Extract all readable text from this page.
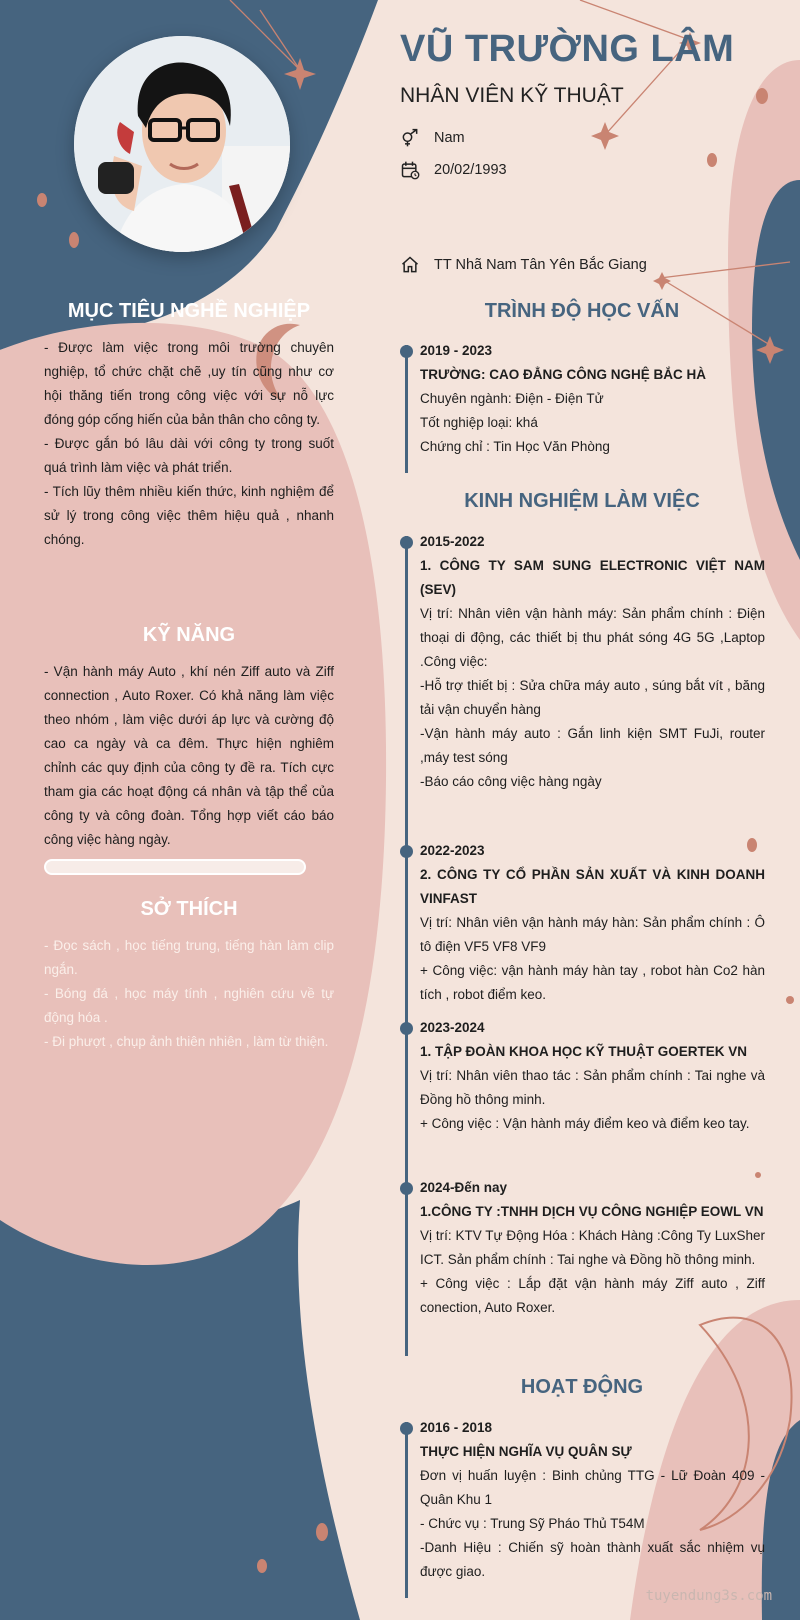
VŨ TRƯỜNG LÂM
NHÂN VIÊN KỸ THUẬT
Nam
20/02/1993
TT Nhã Nam Tân Yên Bắc Giang
MỤC TIÊU NGHỀ NGHIỆP

- Được làm việc trong môi trường chuyên nghiệp, tổ chức chặt chẽ ,uy tín cũng như cơ hội thăng tiến trong công việc với sự nỗ lực đóng góp cống hiến của bản thân cho công ty.

- Được gắn bó lâu dài với công ty trong suốt quá trình làm việc và phát triển.

- Tích lũy thêm nhiều kiến thức, kinh nghiệm để sử lý trong công việc thêm hiệu quả , nhanh chóng.

KỸ NĂNG
- Vận hành máy Auto , khí nén Ziff auto và Ziff connection , Auto Roxer. Có khả năng làm việc theo nhóm , làm việc dưới áp lực và cường độ cao ca ngày và ca đêm. Thực hiện nghiêm chỉnh các quy định của công ty đề ra. Tích cực tham gia các hoạt động cá nhân và tập thể của công ty và công đoàn. Tổng hợp viết cáo báo công việc hàng ngày.
SỞ THÍCH

- Đọc sách , học tiếng trung, tiếng hàn làm clip ngắn.

- Bóng đá , học máy tính , nghiên cứu về tự động hóa .

- Đi phượt , chụp ảnh thiên nhiên , làm từ thiện.

TRÌNH ĐỘ HỌC VẤN

2019 - 2023

TRƯỜNG: CAO ĐẲNG CÔNG NGHỆ BẮC HÀ

Chuyên ngành: Điện - Điện Tử

Tốt nghiệp loại: khá

Chứng chỉ : Tin Học Văn Phòng

KINH NGHIỆM LÀM VIỆC

2015-2022

1. CÔNG TY SAM SUNG ELECTRONIC VIỆT NAM (SEV)

Vị trí: Nhân viên vận hành máy: Sản phẩm chính : Điện thoại di động, các thiết bị thu phát sóng 4G 5G ,Laptop .Công việc:

-Hỗ trợ thiết bị : Sửa chữa máy auto , súng bắt vít , băng tải vận chuyển hàng

-Vận hành máy auto : Gắn linh kiện SMT FuJi, router ,máy test sóng

-Báo cáo công việc hàng ngày

2022-2023

2. CÔNG TY CỔ PHẦN SẢN XUẤT VÀ KINH DOANH VINFAST

Vị trí: Nhân viên vận hành máy hàn: Sản phẩm chính : Ô tô điện VF5 VF8 VF9

+ Công việc: vận hành máy hàn tay , robot hàn Co2 hàn tích , robot điểm keo.

2023-2024

1. TẬP ĐOÀN KHOA HỌC KỸ THUẬT GOERTEK VN

Vị trí: Nhân viên thao tác : Sản phẩm chính : Tai nghe và Đồng hồ thông minh.

+ Công việc : Vận hành máy điểm keo và điểm keo tay.

2024-Đến nay

1.CÔNG TY :TNHH DỊCH VỤ CÔNG NGHIỆP EOWL VN

Vị trí: KTV Tự Động Hóa : Khách Hàng :Công Ty LuxSher ICT. Sản phẩm chính : Tai nghe và Đồng hồ thông minh.

+ Công việc : Lắp đặt vận hành máy Ziff auto , Ziff conection, Auto Roxer.

HOẠT ĐỘNG

2016 - 2018

THỰC HIỆN NGHĨA VỤ QUÂN SỰ

Đơn vị huấn luyện : Binh chủng TTG - Lữ Đoàn 409 - Quân Khu 1

- Chức vụ : Trung Sỹ Pháo Thủ T54M

-Danh Hiệu : Chiến sỹ hoàn thành xuất sắc nhiệm vụ được giao.

tuyendung3s.com
